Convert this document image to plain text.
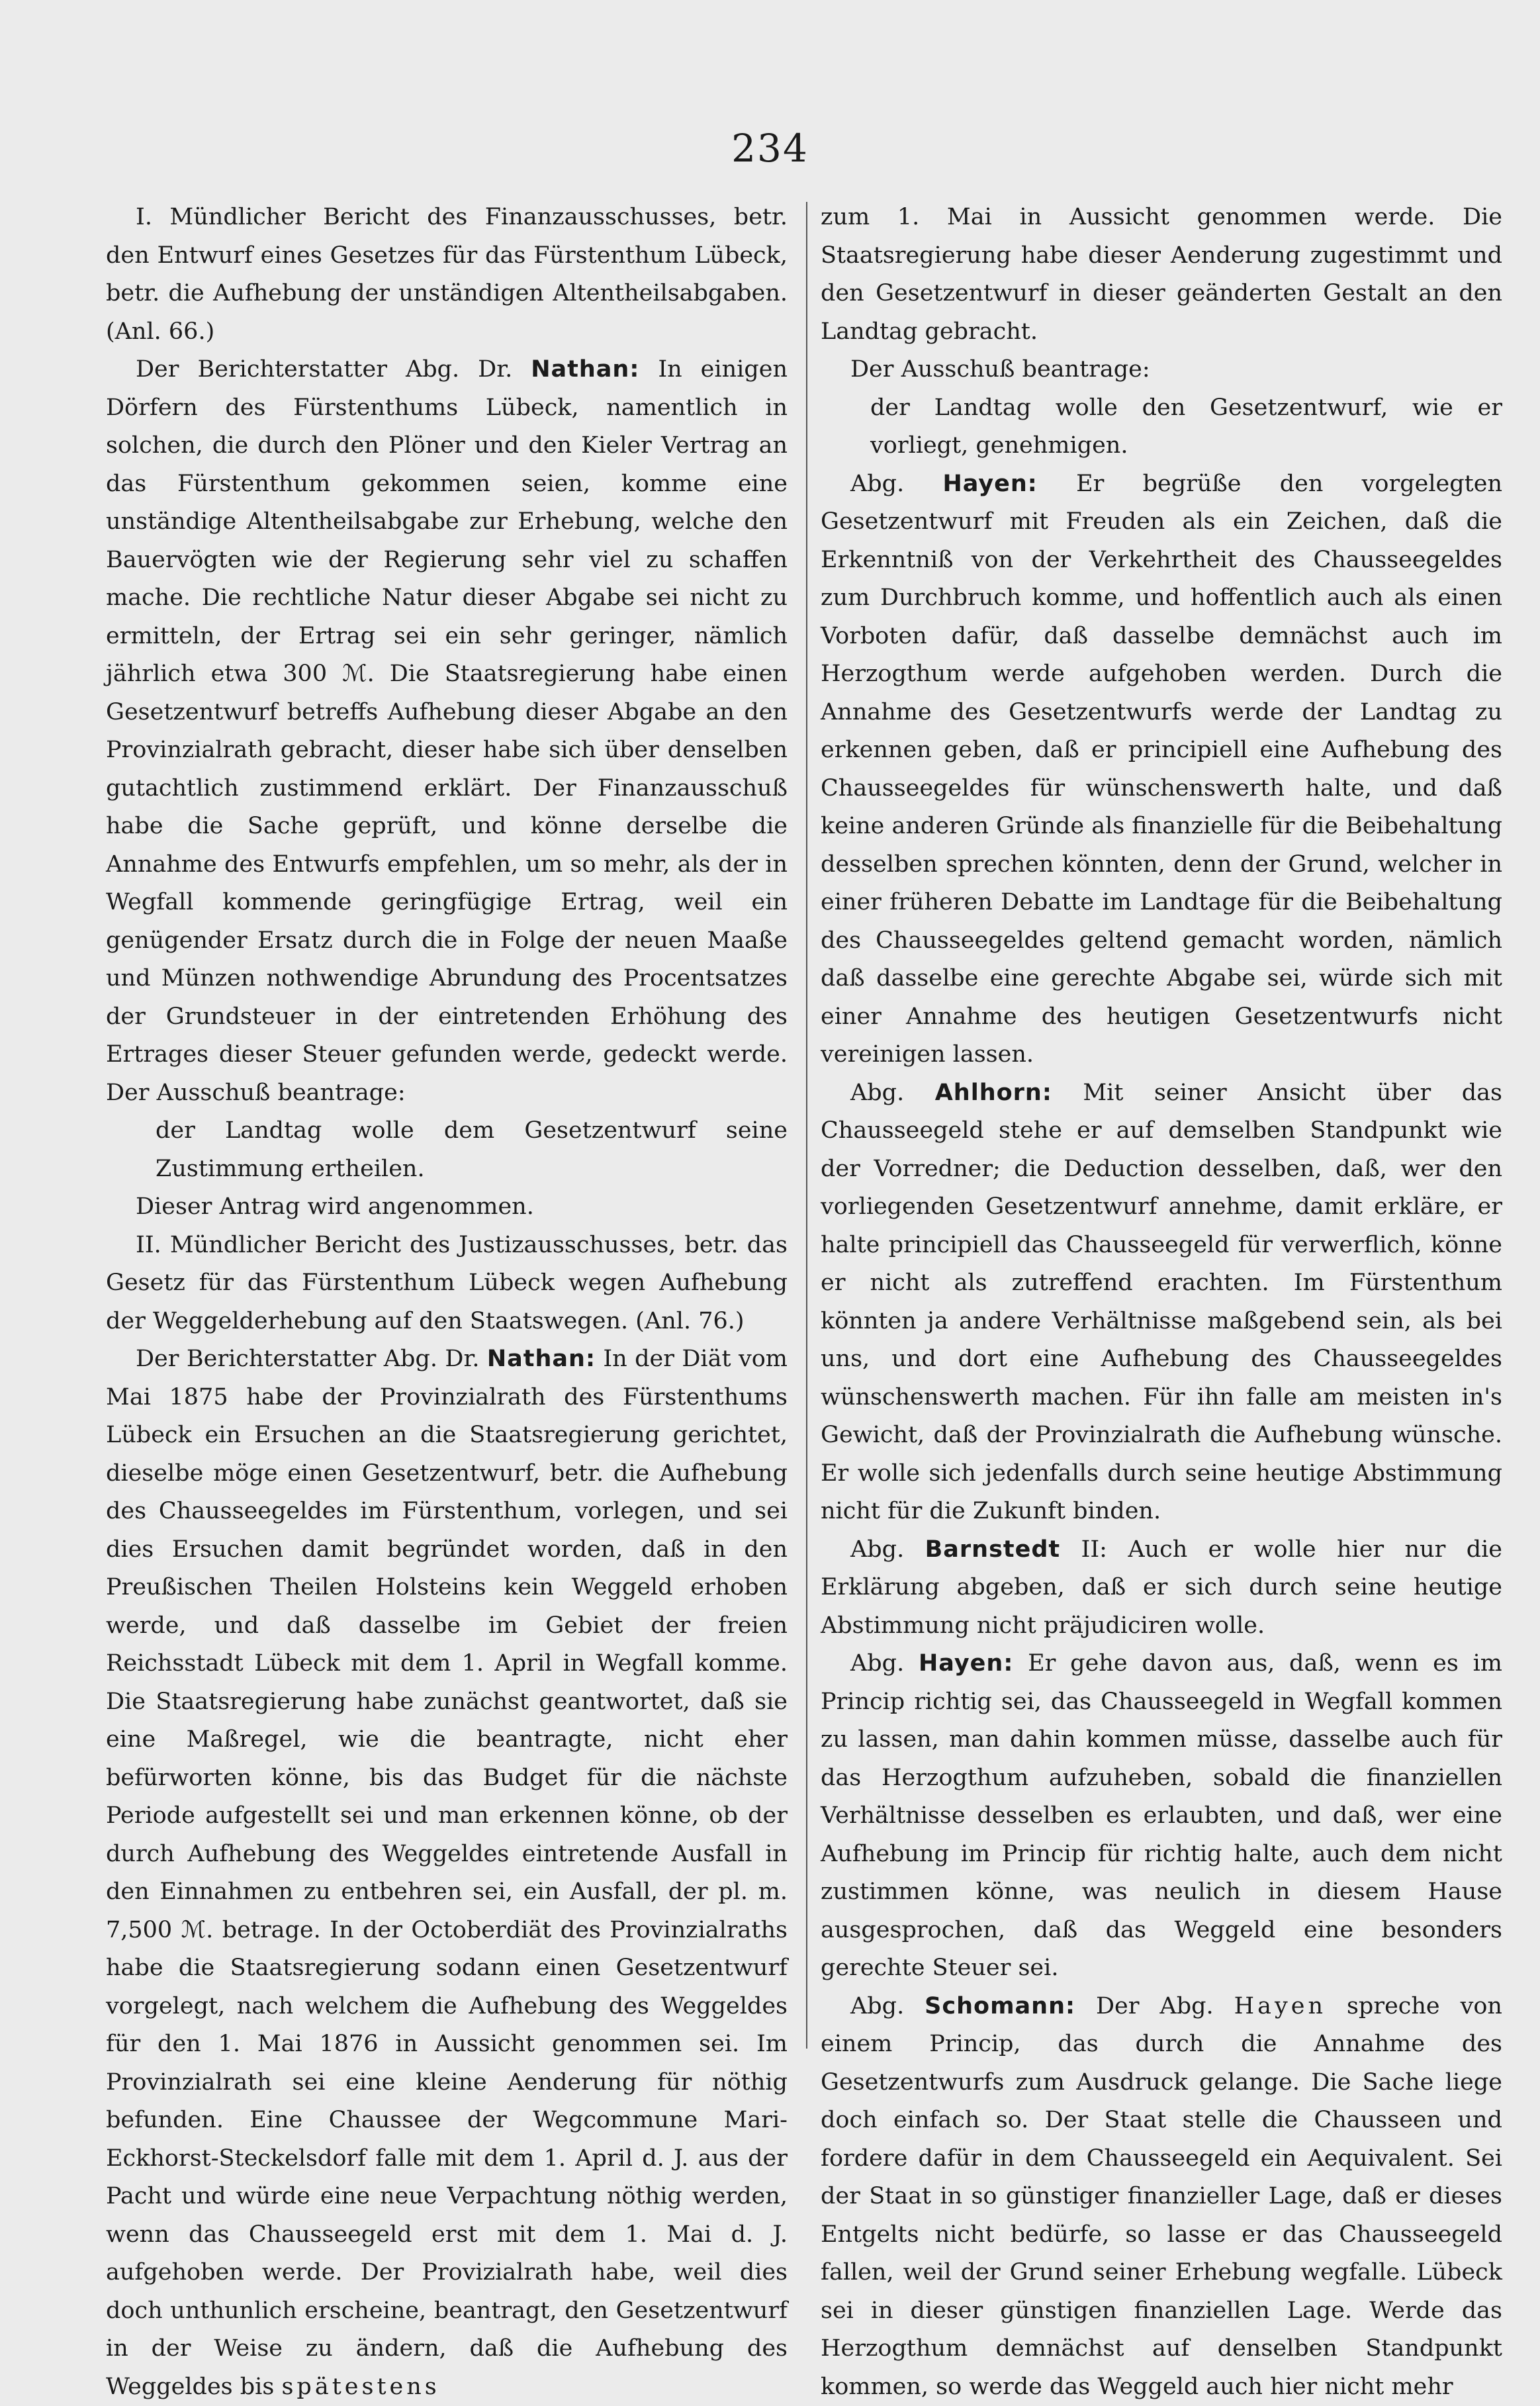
234

I. Mündlicher Bericht des Finanzausschusses, betr. den Entwurf eines Gesetzes für das Fürstenthum Lübeck, betr. die Aufhebung der unständigen Altentheilsabgaben. (Anl. 66.)

Der Berichterstatter Abg. Dr. Nathan: In einigen Dörfern des Fürstenthums Lübeck, namentlich in solchen, die durch den Plöner und den Kieler Vertrag an das Fürstenthum gekommen seien, komme eine unständige Altentheilsabgabe zur Erhebung, welche den Bauervögten wie der Regierung sehr viel zu schaffen mache. Die rechtliche Natur dieser Abgabe sei nicht zu ermitteln, der Ertrag sei ein sehr geringer, nämlich jährlich etwa 300 ℳ. Die Staatsregierung habe einen Gesetzentwurf betreffs Aufhebung dieser Abgabe an den Provinzialrath gebracht, dieser habe sich über denselben gutachtlich zustimmend erklärt. Der Finanzausschuß habe die Sache geprüft, und könne derselbe die Annahme des Entwurfs empfehlen, um so mehr, als der in Wegfall kommende geringfügige Ertrag, weil ein genügender Ersatz durch die in Folge der neuen Maaße und Münzen nothwendige Abrundung des Procentsatzes der Grundsteuer in der eintretenden Erhöhung des Ertrages dieser Steuer gefunden werde, gedeckt werde. Der Ausschuß beantrage:

der Landtag wolle dem Gesetzentwurf seine Zustimmung ertheilen.

Dieser Antrag wird angenommen.

II. Mündlicher Bericht des Justizausschusses, betr. das Gesetz für das Fürstenthum Lübeck wegen Aufhebung der Weggelderhebung auf den Staatswegen. (Anl. 76.)

Der Berichterstatter Abg. Dr. Nathan: In der Diät vom Mai 1875 habe der Provinzialrath des Fürstenthums Lübeck ein Ersuchen an die Staatsregierung gerichtet, dieselbe möge einen Gesetzentwurf, betr. die Aufhebung des Chausseegeldes im Fürstenthum, vorlegen, und sei dies Ersuchen damit begründet worden, daß in den Preußischen Theilen Holsteins kein Weggeld erhoben werde, und daß dasselbe im Gebiet der freien Reichsstadt Lübeck mit dem 1. April in Wegfall komme. Die Staatsregierung habe zunächst geantwortet, daß sie eine Maßregel, wie die beantragte, nicht eher befürworten könne, bis das Budget für die nächste Periode aufgestellt sei und man erkennen könne, ob der durch Aufhebung des Weggeldes eintretende Ausfall in den Einnahmen zu entbehren sei, ein Ausfall, der pl. m. 7,500 ℳ. betrage. In der Octoberdiät des Provinzialraths habe die Staatsregierung sodann einen Gesetzentwurf vorgelegt, nach welchem die Aufhebung des Weggeldes für den 1. Mai 1876 in Aussicht genommen sei. Im Provinzialrath sei eine kleine Aenderung für nöthig befunden. Eine Chaussee der Wegcommune Mari-Eckhorst-Steckelsdorf falle mit dem 1. April d. J. aus der Pacht und würde eine neue Verpachtung nöthig werden, wenn das Chausseegeld erst mit dem 1. Mai d. J. aufgehoben werde. Der Provizialrath habe, weil dies doch unthunlich erscheine, beantragt, den Gesetzentwurf in der Weise zu ändern, daß die Aufhebung des Weggeldes bis spätestens

zum 1. Mai in Aussicht genommen werde. Die Staatsregierung habe dieser Aenderung zugestimmt und den Gesetzentwurf in dieser geänderten Gestalt an den Landtag gebracht.

Der Ausschuß beantrage:

der Landtag wolle den Gesetzentwurf, wie er vorliegt, genehmigen.

Abg. Hayen: Er begrüße den vorgelegten Gesetzentwurf mit Freuden als ein Zeichen, daß die Erkenntniß von der Verkehrtheit des Chausseegeldes zum Durchbruch komme, und hoffentlich auch als einen Vorboten dafür, daß dasselbe demnächst auch im Herzogthum werde aufgehoben werden. Durch die Annahme des Gesetzentwurfs werde der Landtag zu erkennen geben, daß er principiell eine Aufhebung des Chausseegeldes für wünschenswerth halte, und daß keine anderen Gründe als finanzielle für die Beibehaltung desselben sprechen könnten, denn der Grund, welcher in einer früheren Debatte im Landtage für die Beibehaltung des Chausseegeldes geltend gemacht worden, nämlich daß dasselbe eine gerechte Abgabe sei, würde sich mit einer Annahme des heutigen Gesetzentwurfs nicht vereinigen lassen.

Abg. Ahlhorn: Mit seiner Ansicht über das Chausseegeld stehe er auf demselben Standpunkt wie der Vorredner; die Deduction desselben, daß, wer den vorliegenden Gesetzentwurf annehme, damit erkläre, er halte principiell das Chausseegeld für verwerflich, könne er nicht als zutreffend erachten. Im Fürstenthum könnten ja andere Verhältnisse maßgebend sein, als bei uns, und dort eine Aufhebung des Chausseegeldes wünschenswerth machen. Für ihn falle am meisten in's Gewicht, daß der Provinzialrath die Aufhebung wünsche. Er wolle sich jedenfalls durch seine heutige Abstimmung nicht für die Zukunft binden.

Abg. Barnstedt II: Auch er wolle hier nur die Erklärung abgeben, daß er sich durch seine heutige Abstimmung nicht präjudiciren wolle.

Abg. Hayen: Er gehe davon aus, daß, wenn es im Princip richtig sei, das Chausseegeld in Wegfall kommen zu lassen, man dahin kommen müsse, dasselbe auch für das Herzogthum aufzuheben, sobald die finanziellen Verhältnisse desselben es erlaubten, und daß, wer eine Aufhebung im Princip für richtig halte, auch dem nicht zustimmen könne, was neulich in diesem Hause ausgesprochen, daß das Weggeld eine besonders gerechte Steuer sei.

Abg. Schomann: Der Abg. Hayen spreche von einem Princip, das durch die Annahme des Gesetzentwurfs zum Ausdruck gelange. Die Sache liege doch einfach so. Der Staat stelle die Chausseen und fordere dafür in dem Chausseegeld ein Aequivalent. Sei der Staat in so günstiger finanzieller Lage, daß er dieses Entgelts nicht bedürfe, so lasse er das Chausseegeld fallen, weil der Grund seiner Erhebung wegfalle. Lübeck sei in dieser günstigen finanziellen Lage. Werde das Herzogthum demnächst auf denselben Standpunkt kommen, so werde das Weggeld auch hier nicht mehr
